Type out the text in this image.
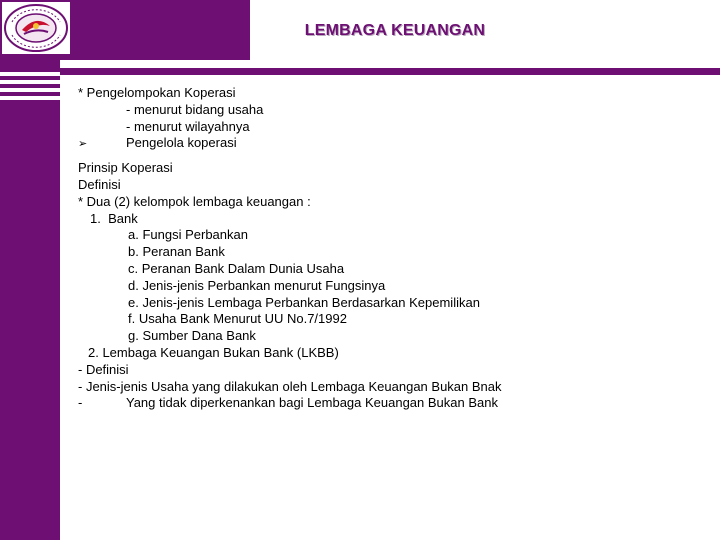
LEMBAGA KEUANGAN
* Pengelompokan Koperasi
- menurut bidang usaha
- menurut wilayahnya
➢	Pengelola koperasi
Prinsip Koperasi
Definisi
* Dua (2) kelompok lembaga keuangan :
1.  Bank
a. Fungsi Perbankan
b. Peranan Bank
c. Peranan Bank Dalam Dunia Usaha
d. Jenis-jenis Perbankan menurut Fungsinya
e. Jenis-jenis Lembaga Perbankan Berdasarkan Kepemilikan
f. Usaha Bank Menurut UU No.7/1992
g. Sumber Dana Bank
2. Lembaga Keuangan Bukan Bank (LKBB)
- Definisi
- Jenis-jenis Usaha yang dilakukan oleh Lembaga Keuangan Bukan Bnak
-	Yang tidak diperkenankan bagi Lembaga Keuangan Bukan Bank
